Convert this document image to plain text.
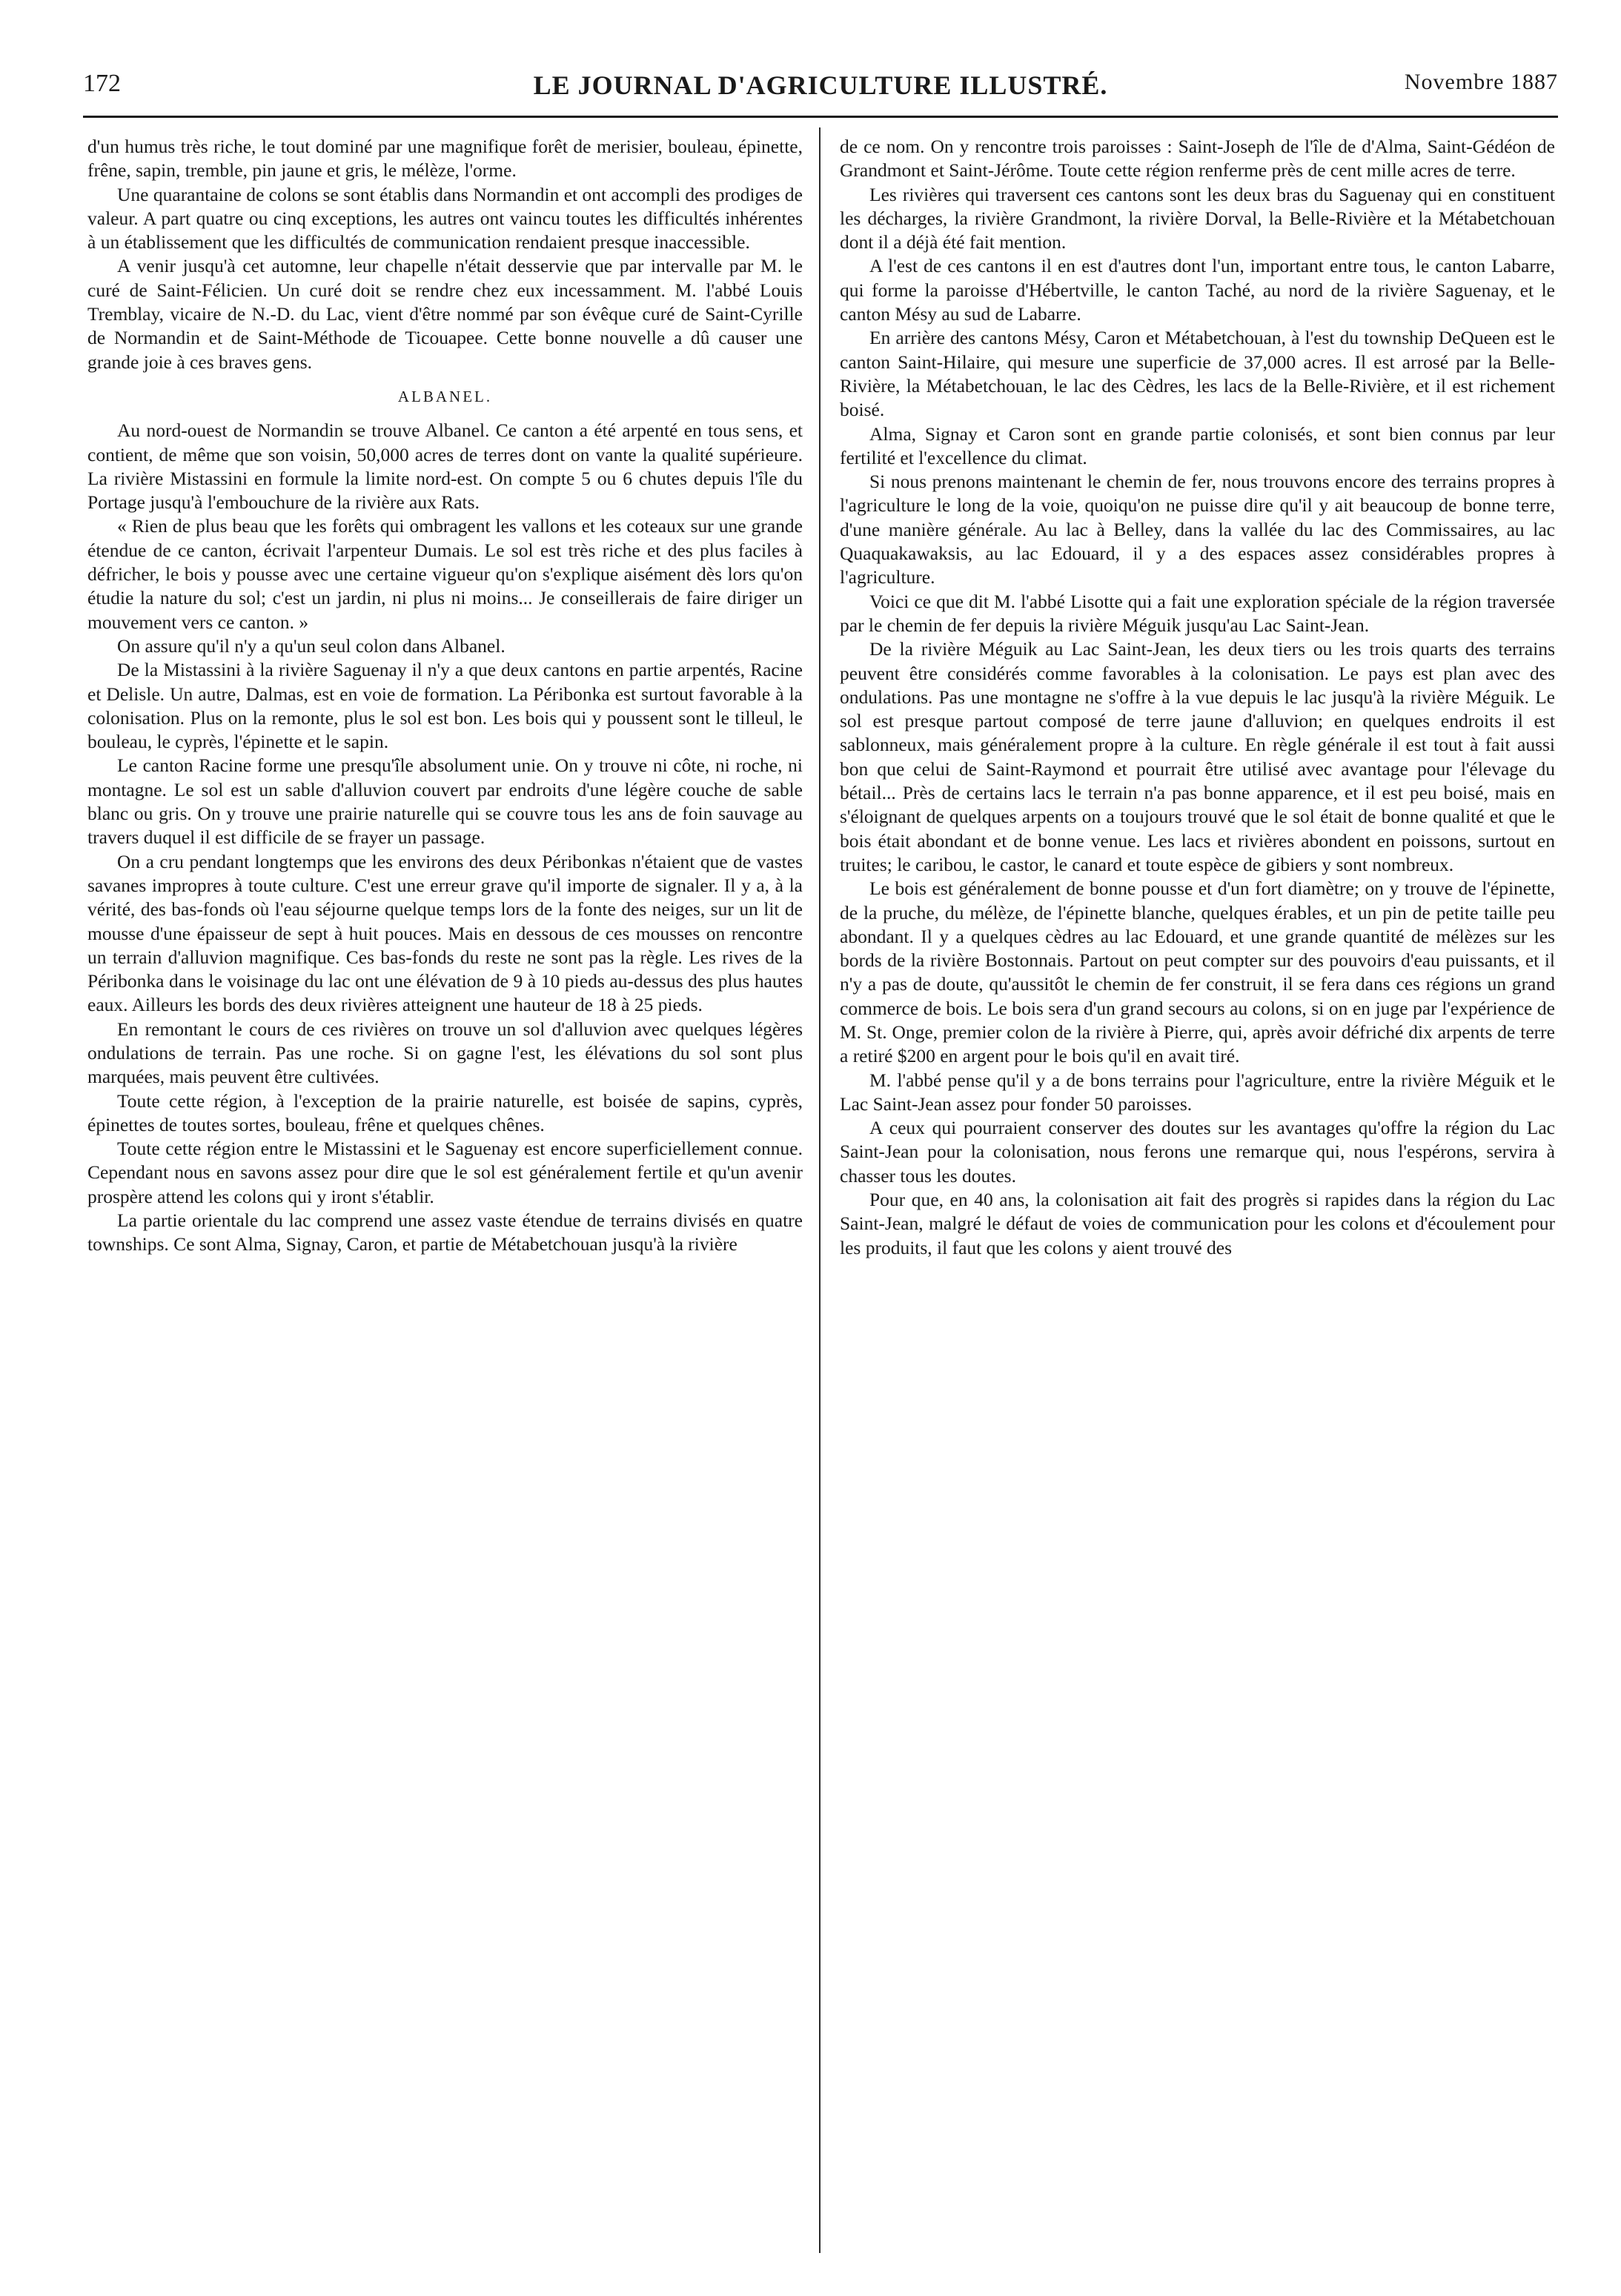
172	LE JOURNAL D'AGRICULTURE ILLUSTRÉ.	Novembre 1887

d'un humus très riche, le tout dominé par une magnifique forêt de merisier, bouleau, épinette, frêne, sapin, tremble, pin jaune et gris, le mélèze, l'orme.

Une quarantaine de colons se sont établis dans Normandin et ont accompli des prodiges de valeur. A part quatre ou cinq exceptions, les autres ont vaincu toutes les difficultés inhérentes à un établissement que les difficultés de communication rendaient presque inaccessible.

A venir jusqu'à cet automne, leur chapelle n'était desservie que par intervalle par M. le curé de Saint-Félicien. Un curé doit se rendre chez eux incessamment. M. l'abbé Louis Tremblay, vicaire de N.-D. du Lac, vient d'être nommé par son évêque curé de Saint-Cyrille de Normandin et de Saint-Méthode de Ticouapee. Cette bonne nouvelle a dû causer une grande joie à ces braves gens.

ALBANEL.

Au nord-ouest de Normandin se trouve Albanel. Ce canton a été arpenté en tous sens, et contient, de même que son voisin, 50,000 acres de terres dont on vante la qualité supérieure. La rivière Mistassini en formule la limite nord-est. On compte 5 ou 6 chutes depuis l'île du Portage jusqu'à l'embouchure de la rivière aux Rats.

« Rien de plus beau que les forêts qui ombragent les vallons et les coteaux sur une grande étendue de ce canton, écrivait l'arpenteur Dumais. Le sol est très riche et des plus faciles à défricher, le bois y pousse avec une certaine vigueur qu'on s'explique aisément dès lors qu'on étudie la nature du sol; c'est un jardin, ni plus ni moins... Je conseillerais de faire diriger un mouvement vers ce canton. »

On assure qu'il n'y a qu'un seul colon dans Albanel.

De la Mistassini à la rivière Saguenay il n'y a que deux cantons en partie arpentés, Racine et Delisle. Un autre, Dalmas, est en voie de formation. La Péribonka est surtout favorable à la colonisation. Plus on la remonte, plus le sol est bon. Les bois qui y poussent sont le tilleul, le bouleau, le cyprès, l'épinette et le sapin.

Le canton Racine forme une presqu'île absolument unie. On y trouve ni côte, ni roche, ni montagne. Le sol est un sable d'alluvion couvert par endroits d'une légère couche de sable blanc ou gris. On y trouve une prairie naturelle qui se couvre tous les ans de foin sauvage au travers duquel il est difficile de se frayer un passage.

On a cru pendant longtemps que les environs des deux Péribonkas n'étaient que de vastes savanes impropres à toute culture. C'est une erreur grave qu'il importe de signaler. Il y a, à la vérité, des bas-fonds où l'eau séjourne quelque temps lors de la fonte des neiges, sur un lit de mousse d'une épaisseur de sept à huit pouces. Mais en dessous de ces mousses on rencontre un terrain d'alluvion magnifique. Ces bas-fonds du reste ne sont pas la règle. Les rives de la Péribonka dans le voisinage du lac ont une élévation de 9 à 10 pieds au-dessus des plus hautes eaux. Ailleurs les bords des deux rivières atteignent une hauteur de 18 à 25 pieds.

En remontant le cours de ces rivières on trouve un sol d'alluvion avec quelques légères ondulations de terrain. Pas une roche. Si on gagne l'est, les élévations du sol sont plus marquées, mais peuvent être cultivées.

Toute cette région, à l'exception de la prairie naturelle, est boisée de sapins, cyprès, épinettes de toutes sortes, bouleau, frêne et quelques chênes.

Toute cette région entre le Mistassini et le Saguenay est encore superficiellement connue. Cependant nous en savons assez pour dire que le sol est généralement fertile et qu'un avenir prospère attend les colons qui y iront s'établir.

La partie orientale du lac comprend une assez vaste étendue de terrains divisés en quatre townships. Ce sont Alma, Signay, Caron, et partie de Métabetchouan jusqu'à la rivière

de ce nom. On y rencontre trois paroisses : Saint-Joseph de l'île de d'Alma, Saint-Gédéon de Grandmont et Saint-Jérôme. Toute cette région renferme près de cent mille acres de terre.

Les rivières qui traversent ces cantons sont les deux bras du Saguenay qui en constituent les décharges, la rivière Grandmont, la rivière Dorval, la Belle-Rivière et la Métabetchouan dont il a déjà été fait mention.

A l'est de ces cantons il en est d'autres dont l'un, important entre tous, le canton Labarre, qui forme la paroisse d'Hébertville, le canton Taché, au nord de la rivière Saguenay, et le canton Mésy au sud de Labarre.

En arrière des cantons Mésy, Caron et Métabetchouan, à l'est du township DeQueen est le canton Saint-Hilaire, qui mesure une superficie de 37,000 acres. Il est arrosé par la Belle-Rivière, la Métabetchouan, le lac des Cèdres, les lacs de la Belle-Rivière, et il est richement boisé.

Alma, Signay et Caron sont en grande partie colonisés, et sont bien connus par leur fertilité et l'excellence du climat.

Si nous prenons maintenant le chemin de fer, nous trouvons encore des terrains propres à l'agriculture le long de la voie, quoiqu'on ne puisse dire qu'il y ait beaucoup de bonne terre, d'une manière générale. Au lac à Belley, dans la vallée du lac des Commissaires, au lac Quaquakawaksis, au lac Edouard, il y a des espaces assez considérables propres à l'agriculture.

Voici ce que dit M. l'abbé Lisotte qui a fait une exploration spéciale de la région traversée par le chemin de fer depuis la rivière Méguik jusqu'au Lac Saint-Jean.

De la rivière Méguik au Lac Saint-Jean, les deux tiers ou les trois quarts des terrains peuvent être considérés comme favorables à la colonisation. Le pays est plan avec des ondulations. Pas une montagne ne s'offre à la vue depuis le lac jusqu'à la rivière Méguik. Le sol est presque partout composé de terre jaune d'alluvion; en quelques endroits il est sablonneux, mais généralement propre à la culture. En règle générale il est tout à fait aussi bon que celui de Saint-Raymond et pourrait être utilisé avec avantage pour l'élevage du bétail... Près de certains lacs le terrain n'a pas bonne apparence, et il est peu boisé, mais en s'éloignant de quelques arpents on a toujours trouvé que le sol était de bonne qualité et que le bois était abondant et de bonne venue. Les lacs et rivières abondent en poissons, surtout en truites; le caribou, le castor, le canard et toute espèce de gibiers y sont nombreux.

Le bois est généralement de bonne pousse et d'un fort diamètre; on y trouve de l'épinette, de la pruche, du mélèze, de l'épinette blanche, quelques érables, et un pin de petite taille peu abondant. Il y a quelques cèdres au lac Edouard, et une grande quantité de mélèzes sur les bords de la rivière Bostonnais. Partout on peut compter sur des pouvoirs d'eau puissants, et il n'y a pas de doute, qu'aussitôt le chemin de fer construit, il se fera dans ces régions un grand commerce de bois. Le bois sera d'un grand secours au colons, si on en juge par l'expérience de M. St. Onge, premier colon de la rivière à Pierre, qui, après avoir défriché dix arpents de terre a retiré $200 en argent pour le bois qu'il en avait tiré.

M. l'abbé pense qu'il y a de bons terrains pour l'agriculture, entre la rivière Méguik et le Lac Saint-Jean assez pour fonder 50 paroisses.

A ceux qui pourraient conserver des doutes sur les avantages qu'offre la région du Lac Saint-Jean pour la colonisation, nous ferons une remarque qui, nous l'espérons, servira à chasser tous les doutes.

Pour que, en 40 ans, la colonisation ait fait des progrès si rapides dans la région du Lac Saint-Jean, malgré le défaut de voies de communication pour les colons et d'écoulement pour les produits, il faut que les colons y aient trouvé des
